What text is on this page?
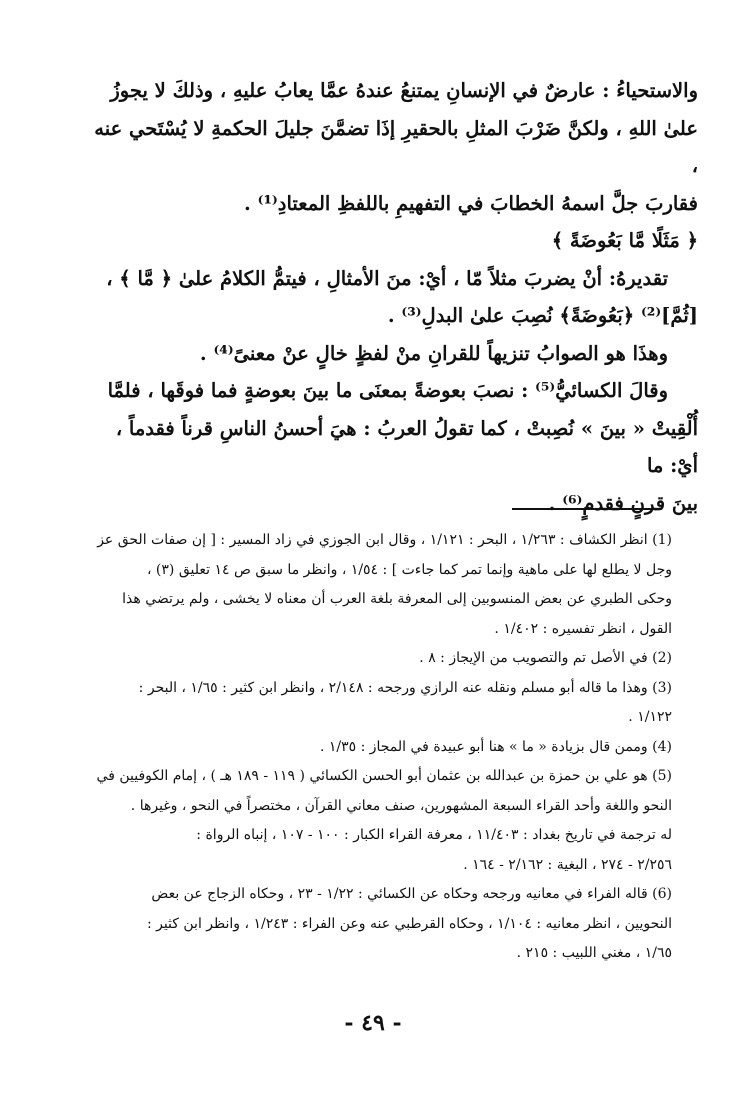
والاستحياءُ : عارضٌ في الإنسانِ يمتنعُ عندهُ عمَّا يعابُ عليهِ ، وذلكَ لا يجوزُ
علىٰ اللهِ ، ولكنَّ ضَرْبَ المثلِ بالحقيرِ إذَا تضمَّنَ جليلَ الحكمةِ لا يُسْتَحي عنه ،
فقاربَ جلَّ اسمهُ الخطابَ في التفهيمِ باللفظِ المعتادِ⁽¹⁾ .

﴿ مَثَلًا مَّا بَعُوضَةً ﴾

تقديرهُ: أنْ يضربَ مثلاً مّا ، أيْ: منَ الأمثالِ ، فيتمُّ الكلامُ علىٰ ﴿ مَّا ﴾ ،
[ثُمَّ]⁽²⁾ ﴿بَعُوضَةً﴾ نُصِبَ علىٰ البدلِ⁽³⁾ .

وهذَا هو الصوابُ تنزيهاً للقرانِ منْ لفظٍ خالٍ عنْ معنىً⁽⁴⁾ .

وقالَ الكسائيُّ⁽⁵⁾ : نصبَ بعوضةً بمعنَى ما بينَ بعوضةٍ فما فوقَها ، فلمَّا
أُلْقِيتْ « بينَ » نُصِبتْ ، كما تقولُ العربُ : هيَ أحسنُ الناسِ قرناً فقدماً ، أيْ: ما
بينَ قرنٍ فقدمٍ⁽⁶⁾ .

(1) انظر الكشاف : ١/٢٦٣ ، البحر : ١/١٢١ ، وقال ابن الجوزي في زاد المسير : [ إن صفات الحق عز
وجل لا يطلع لها على ماهية وإنما تمر كما جاءت ] : ١/٥٤ ، وانظر ما سبق ص ١٤ تعليق (٣) ،
وحكى الطبري عن بعض المنسوبين إلى المعرفة بلغة العرب أن معناه لا يخشى ، ولم يرتضي هذا
القول ، انظر تفسيره : ١/٤٠٢ .

(2) في الأصل تم والتصويب من الإيجاز : ٨ .

(3) وهذا ما قاله أبو مسلم ونقله عنه الرازي ورجحه : ٢/١٤٨ ، وانظر ابن كثير : ١/٦٥ ، البحر :
١/١٢٢ .

(4) وممن قال بزيادة « ما » هنا أبو عبيدة في المجاز : ١/٣٥ .

(5) هو علي بن حمزة بن عبدالله بن عثمان أبو الحسن الكسائي ( ١١٩ - ١٨٩ هـ ) ، إمام الكوفيين في
النحو واللغة وأحد القراء السبعة المشهورين، صنف معاني القرآن ، مختصراً في النحو ، وغيرها .
له ترجمة في تاريخ بغداد : ١١/٤٠٣ ، معرفة القراء الكبار : ١٠٠ - ١٠٧ ، إنباه الرواة :
٢/٢٥٦ - ٢٧٤ ، البغية : ٢/١٦٢ - ١٦٤ .

(6) قاله الفراء في معانيه ورجحه وحكاه عن الكسائي : ١/٢٢ - ٢٣ ، وحكاه الزجاج عن بعض
النحويين ، انظر معانيه : ١/١٠٤ ، وحكاه القرطبي عنه وعن الفراء : ١/٢٤٣ ، وانظر ابن كثير :
١/٦٥ ، مغني اللبيب : ٢١٥ .

- ٤٩ -
